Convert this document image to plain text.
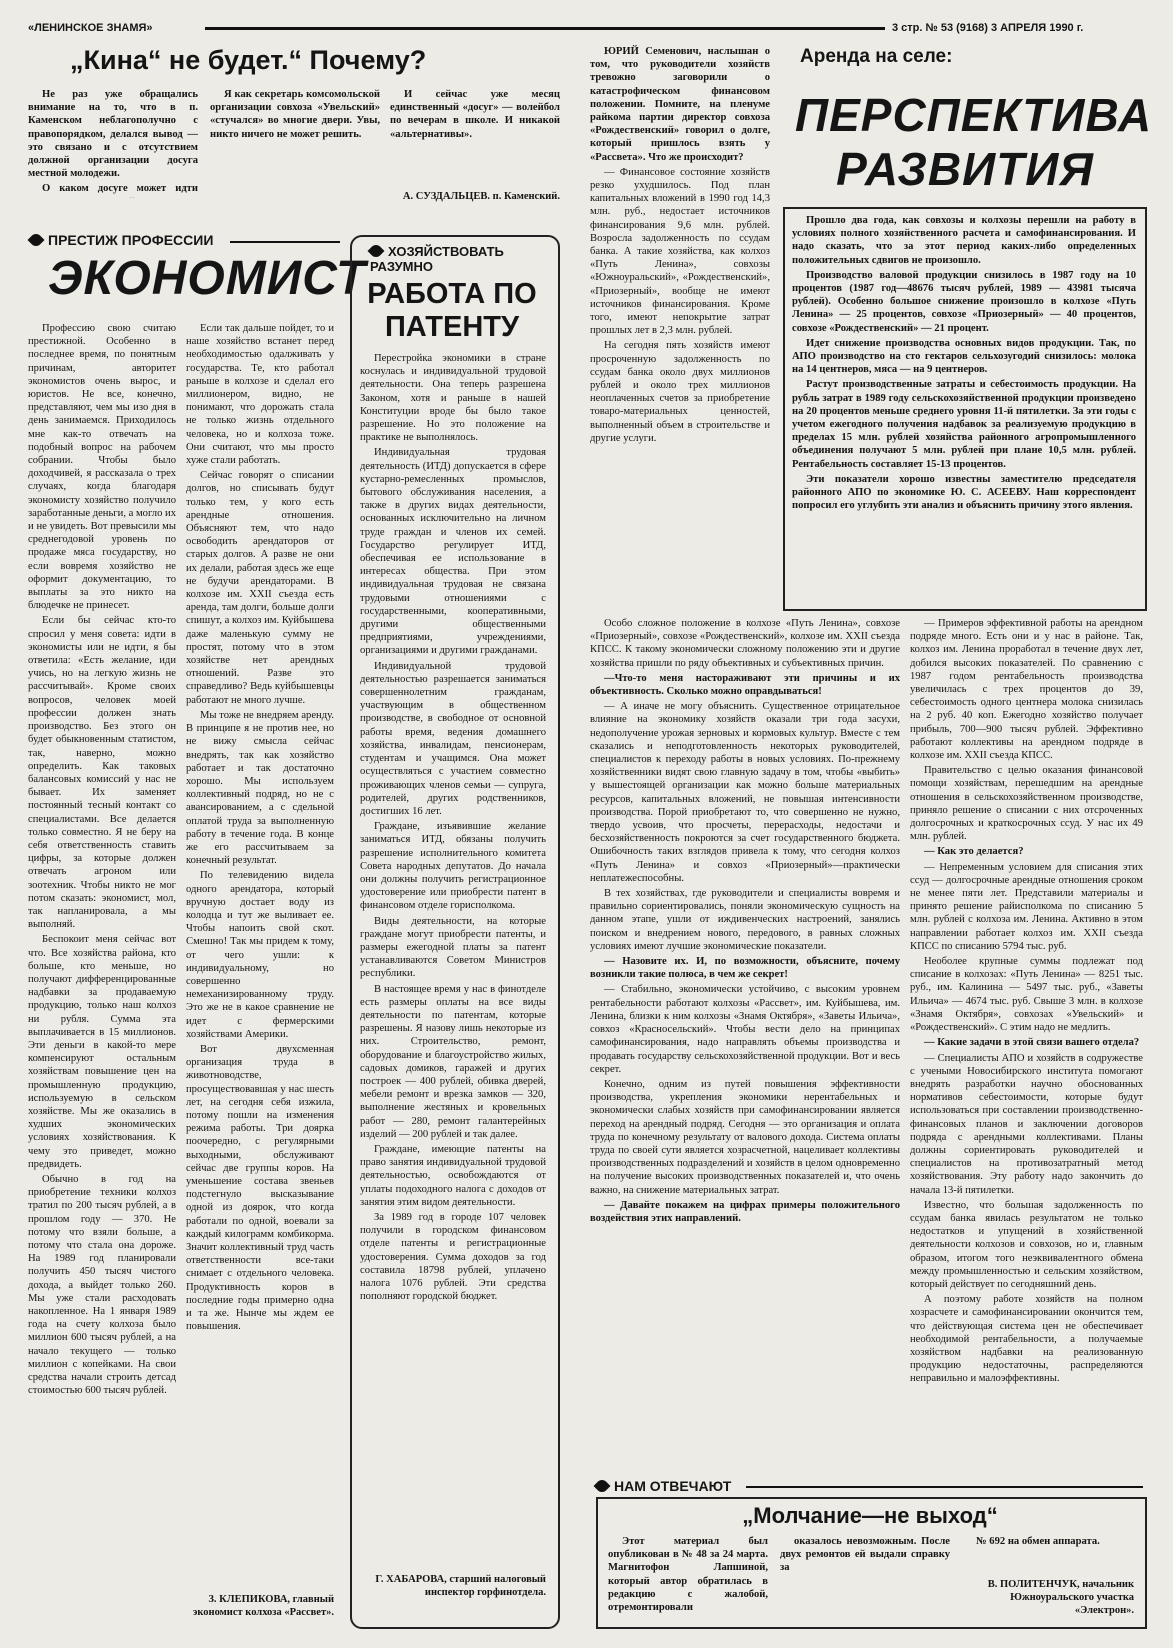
«ЛЕНИНСКОЕ ЗНАМЯ»	3 стр. № 53 (9168) 3 АПРЕЛЯ 1990 г.
„Кина“ не будет.“ Почему?

Не раз уже обращались внимание на то, что в п. Каменском неблагополучно с правопорядком, делался вывод — это связано и с отсутствием должной организации досуга местной молодежи.

О каком досуге может идти

Я как секретарь комсомольской организации совхоза «Увельский» «стучался» во многие двери. Увы, никто ничего не может решить.

И сейчас уже месяц единственный «досуг» — волейбол по вечерам в школе. И никакой «альтернативы».

А. СУЗДАЛЬЦЕВ. п. Каменский.
ПРЕСТИЖ ПРОФЕССИИ
ЭКОНОМИСТ

Профессию свою считаю престижной. Особенно в последнее время, по понятным причинам, авторитет экономистов очень вырос, и юристов. Не все, конечно, представляют, чем мы изо дня в день занимаемся. Приходилось мне как-то отвечать на подобный вопрос на рабочем собрании. Чтобы было доходчивей, я рассказала о трех случаях, когда благодаря экономисту хозяйство получило заработанные деньги, а могло их и не увидеть. Вот превысили мы среднегодовой уровень по продаже мяса государству, но если вовремя хозяйство не оформит документацию, то выплаты за это никто на блюдечке не принесет.

Если бы сейчас кто-то спросил у меня совета: идти в экономисты или не идти, я бы ответила: «Есть желание, иди учись, но на легкую жизнь не рассчитывай». Кроме своих вопросов, человек моей профессии должен знать производство. Без этого он будет обыкновенным статистом, так, наверно, можно определить. Как таковых балансовых комиссий у нас не бывает. Их заменяет постоянный тесный контакт со специалистами. Все делается только совместно. Я не беру на себя ответственность ставить цифры, за которые должен отвечать агроном или зоотехник. Чтобы никто не мог потом сказать: экономист, мол, так напланировала, а мы выполняй.

Беспокоит меня сейчас вот что. Все хозяйства района, кто больше, кто меньше, но получают дифференцированные надбавки за продаваемую продукцию, только наш колхоз ни рубля. Сумма эта выплачивается в 15 миллионов. Эти деньги в какой-то мере компенсируют остальным хозяйствам повышение цен на промышленную продукцию, используемую в сельском хозяйстве. Мы же оказались в худших экономических условиях хозяйствования. К чему это приведет, можно предвидеть.

Обычно в год на приобретение техники колхоз тратил по 200 тысяч рублей, а в прошлом году — 370. Не потому что взяли больше, а потому что стала она дороже. На 1989 год планировали получить 450 тысяч чистого дохода, а выйдет только 260. Мы уже стали расходовать накопленное. На 1 января 1989 года на счету колхоза было миллион 600 тысяч рублей, а на начало текущего — только миллион с копейками. На свои средства начали строить детсад стоимостью 600 тысяч рублей.

Если так дальше пойдет, то и наше хозяйство встанет перед необходимостью одалживать у государства. Те, кто работал раньше в колхозе и сделал его миллионером, видно, не понимают, что дорожать стала не только жизнь отдельного человека, но и колхоза тоже. Они считают, что мы просто хуже стали работать.

Сейчас говорят о списании долгов, но списывать будут только тем, у кого есть арендные отношения. Объясняют тем, что надо освободить арендаторов от старых долгов. А разве не они их делали, работая здесь же еще не будучи арендаторами. В колхозе им. XXII съезда есть аренда, там долги, больше долги спишут, а колхоз им. Куйбышева даже маленькую сумму не простят, потому что в этом хозяйстве нет арендных отношений. Разве это справедливо? Ведь куйбышевцы работают не много лучше.

Мы тоже не внедряем аренду. В принципе я не против нее, но не вижу смысла сейчас внедрять, так как хозяйство работает и так достаточно хорошо. Мы используем коллективный подряд, но не с авансированием, а с сдельной оплатой труда за выполненную работу в течение года. В конце же его рассчитываем за конечный результат.

По телевидению видела одного арендатора, который вручную достает воду из колодца и тут же выливает ее. Чтобы напоить свой скот. Смешно! Так мы придем к тому, от чего ушли: к индивидуальному, но совершенно немеханизированному труду. Это же не в какое сравнение не идет с фермерскими хозяйствами Америки.

Вот двухсменная организация труда в животноводстве, просуществовавшая у нас шесть лет, на сегодня себя изжила, потому пошли на изменения режима работы. Три дояркa поочередно, с регулярными выходными, обслуживают сейчас две группы коров. На уменьшение состава звеньев подстегнуло высказывание одной из доярок, что когда работали по одной, воевали за каждый килограмм комбикорма. Значит коллективный труд часть ответственности все-таки снимает с отдельного человека. Продуктивность коров в последние годы примерно одна и та же. Нынче мы ждем ее повышения.

З. КЛЕПИКОВА, главный экономист колхоза «Рассвет».
ХОЗЯЙСТВОВАТЬ РАЗУМНО
РАБОТА ПО ПАТЕНТУ

Перестройка экономики в стране коснулась и индивидуальной трудовой деятельности. Она теперь разрешена Законом, хотя и раньше в нашей Конституции вроде бы было такое разрешение. Но это положение на практике не выполнялось.

Индивидуальная трудовая деятельность (ИТД) допускается в сфере кустарно-ремесленных промыслов, бытового обслуживания населения, а также в других видах деятельности, основанных исключительно на личном труде граждан и членов их семей. Государство регулирует ИТД, обеспечивая ее использование в интересах общества. При этом индивидуальная трудовая не связана трудовыми отношениями с государственными, кооперативными, другими общественными предприятиями, учреждениями, организациями и другими гражданами.

Индивидуальной трудовой деятельностью разрешается заниматься совершеннолетним гражданам, участвующим в общественном производстве, в свободное от основной работы время, ведения домашнего хозяйства, инвалидам, пенсионерам, студентам и учащимся. Она может осуществляться с участием совместно проживающих членов семьи — супруга, родителей, других родственников, достигших 16 лет.

Граждане, изъявившие желание заниматься ИТД, обязаны получить разрешение исполнительного комитета Совета народных депутатов. До начала они должны получить регистрационное удостоверение или приобрести патент в финансовом отделе горисполкома.

Виды деятельности, на которые граждане могут приобрести патенты, и размеры ежегодной платы за патент устанавливаются Советом Министров республики.

В настоящее время у нас в финотделе есть размеры оплаты на все виды деятельности по патентам, которые разрешены. Я назову лишь некоторые из них. Строительство, ремонт, оборудование и благоустройство жилых, садовых домиков, гаражей и других построек — 400 рублей, обивка дверей, мебели ремонт и врезка замков — 320, выполнение жестяных и кровельных работ — 280, ремонт галантерейных изделий — 200 рублей и так далее.

Граждане, имеющие патенты на право занятия индивидуальной трудовой деятельностью, освобождаются от уплаты подоходного налога с доходов от занятия этим видом деятельности.

За 1989 год в городе 107 человек получили в городском финансовом отделе патенты и регистрационные удостоверения. Сумма доходов за год составила 18798 рублей, уплачено налога 1076 рублей. Эти средства пополняют городской бюджет.

Г. ХАБАРОВА, старший налоговый инспектор горфинотдела.
Аренда на селе:
ПЕРСПЕКТИВА РАЗВИТИЯ

Прошло два года, как совхозы и колхозы перешли на работу в условиях полного хозяйственного расчета и самофинансирования. И надо сказать, что за этот период каких-либо определенных положительных сдвигов не произошло.

Производство валовой продукции снизилось в 1987 году на 10 процентов (1987 год—48676 тысяч рублей, 1989 — 43981 тысяча рублей). Особенно большое снижение произошло в колхозе «Путь Ленина» — 25 процентов, совхозе «Приозерный» — 40 процентов, совхозе «Рождественский» — 21 процент.

Идет снижение производства основных видов продукции. Так, по АПО производство на сто гектаров сельхозугодий снизилось: молока на 14 центнеров, мяса — на 9 центнеров.

Растут производственные затраты и себестоимость продукции. На рубль затрат в 1989 году сельскохозяйственной продукции произведено на 20 процентов меньше среднего уровня 11-й пятилетки. За эти годы с учетом ежегодного получения надбавок за реализуемую продукцию в пределах 15 млн. рублей хозяйства районного агропромышленного объединения получают 5 млн. рублей при плане 10,5 млн. рублей. Рентабельность составляет 15-13 процентов.

Эти показатели хорошо известны заместителю председателя районного АПО по экономике Ю. С. АСЕЕВУ. Наш корреспондент попросил его углубить эти анализ и объяснить причину этого явления.

ЮРИЙ Семенович, наслышан о том, что руководители хозяйств тревожно заговорили о катастрофическом финансовом положении. Помните, на пленуме райкома партии директор совхоза «Рождественский» говорил о долге, который пришлось взять у «Рассвета». Что же происходит?

— Финансовое состояние хозяйств резко ухудшилось. Под план капитальных вложений в 1990 год 14,3 млн. руб., недостает источников финансирования 9,6 млн. рублей. Возросла задолженность по ссудам банка. А такие хозяйства, как колхоз «Путь Ленина», совхозы «Южноуральский», «Рождественский», «Приозерный», вообще не имеют источников финансирования. Кроме того, имеют непокрытие затрат прошлых лет в 2,3 млн. рублей.

На сегодня пять хозяйств имеют просроченную задолженность по ссудам банка около двух миллионов рублей и около трех миллионов неоплаченных счетов за приобретение товаро-материальных ценностей, выполненный объем в строительстве и другие услуги.

Особо сложное положение в колхозе «Путь Ленина», совхозе «Приозерный», совхозе «Рождественский», колхозе им. XXII съезда КПСС. К такому экономически сложному положению эти и другие хозяйства пришли по ряду объективных и субъективных причин.

—Что-то меня настораживают эти причины и их объективность. Сколько можно оправдываться!

— А иначе не могу объяснить. Существенное отрицательное влияние на экономику хозяйств оказали три года засухи, недополучение урожая зерновых и кормовых культур. Вместе с тем сказались и неподготовленность некоторых руководителей, специалистов к переходу работы в новых условиях. По-прежнему хозяйственники видят свою главную задачу в том, чтобы «выбить» у вышестоящей организации как можно больше материальных ресурсов, капитальных вложений, не повышая интенсивности производства. Порой приобретают то, что совершенно не нужно, твердо усвоив, что просчеты, перерасходы, недостачи и бесхозяйственность покроются за счет государственного бюджета. Ошибочность таких взглядов привела к тому, что сегодня колхоз «Путь Ленина» и совхоз «Приозерный»—практически неплатежеспособны.

В тех хозяйствах, где руководители и специалисты вовремя и правильно сориентировались, поняли экономическую сущность на данном этапе, ушли от иждивенческих настроений, занялись поиском и внедрением нового, передового, в равных сложных условиях имеют лучшие экономические показатели.

— Назовите их. И, по возможности, объясните, почему возникли такие полюса, в чем же секрет!

— Стабильно, экономически устойчиво, с высоким уровнем рентабельности работают колхозы «Рассвет», им. Куйбышева, им. Ленина, близки к ним колхозы «Знамя Октября», «Заветы Ильича», совхоз «Красносельский». Чтобы вести дело на принципах самофинансирования, надо направлять объемы производства и продавать государству сельскохозяйственной продукции. Вот и весь секрет.

Конечно, одним из путей повышения эффективности производства, укрепления экономики нерентабельных и экономически слабых хозяйств при самофинансировании является переход на арендный подряд. Сегодня — это организация и оплата труда по конечному результату от валового дохода. Система оплаты труда по своей сути является хозрасчетной, нацеливает коллективы производственных подразделений и хозяйств в целом одновременно на получение высоких производственных показателей и, что очень важно, на снижение материальных затрат.

— Давайте покажем на цифрах примеры положительного воздействия этих направлений.

— Примеров эффективной работы на арендном подряде много. Есть они и у нас в районе. Так, колхоз им. Ленина проработал в течение двух лет, добился высоких показателей. По сравнению с 1987 годом рентабельность производства увеличилась с трех процентов до 39, себестоимость одного центнера молока снизилась на 2 руб. 40 коп. Ежегодно хозяйство получает прибыль, 700—900 тысяч рублей. Эффективно работают коллективы на арендном подряде в колхозе им. XXII съезда КПСС.

Правительство с целью оказания финансовой помощи хозяйствам, перешедшим на арендные отношения в сельскохозяйственном производстве, приняло решение о списании с них отсроченных долгосрочных и краткосрочных ссуд. У нас их 49 млн. рублей.

— Как это делается?

— Непременным условием для списания этих ссуд — долгосрочные арендные отношения сроком не менее пяти лет. Представили материалы и принято решение райисполкома по списанию 5 млн. рублей с колхоза им. Ленина. Активно в этом направлении работает колхоз им. XXII съезда КПСС по списанию 5794 тыс. руб.

Необолее крупные суммы подлежат под списание в колхозах: «Путь Ленина» — 8251 тыс. руб., им. Калинина — 5497 тыс. руб., «Заветы Ильича» — 4674 тыс. руб. Свыше 3 млн. в колхозе «Знамя Октября», совхозах «Увельский» и «Рождественский». С этим надо не медлить.

— Какие задачи в этой связи вашего отдела?

— Специалисты АПО и хозяйств в содружестве с учеными Новосибирского института помогают внедрять разработки научно обоснованных нормативов себестоимости, которые будут использоваться при составлении производственно-финансовых планов и заключении договоров подряда с арендными коллективами. Планы должны сориентировать руководителей и специалистов на противозатратный метод хозяйствования. Эту работу надо закончить до начала 13-й пятилетки.

Известно, что большая задолженность по ссудам банка явилась результатом не только недостатков и упущений в хозяйственной деятельности колхозов и совхозов, но и, главным образом, итогом того неэквивалентного обмена между промышленностью и сельским хозяйством, который действует по сегодняшний день.

А поэтому работе хозяйств на полном хозрасчете и самофинансировании окончится тем, что действующая система цен не обеспечивает необходимой рентабельности, а получаемые хозяйством надбавки на реализованную продукцию недостаточны, распределяются неправильно и малоэффективны.

НАМ ОТВЕЧАЮТ
„Молчание—не выход“

Этот материал был опубликован в № 48 за 24 марта. Магнитофон Лапшиной, который автор обратилась в редакцию с жалобой, отремонтировали

оказалось невозможным. После двух ремонтов ей выдали справку за

№ 692 на обмен аппарата.

В. ПОЛИТЕНЧУК, начальник Южноуральского участка «Электрон».
